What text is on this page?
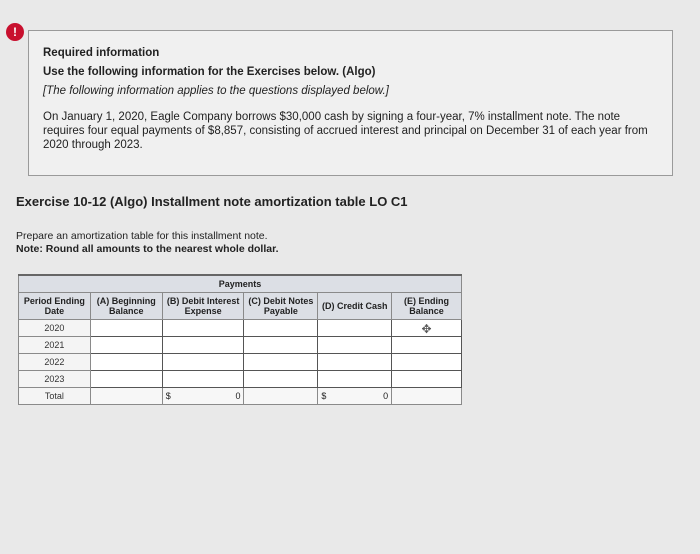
!
Required information
Use the following information for the Exercises below. (Algo)
[The following information applies to the questions displayed below.]
On January 1, 2020, Eagle Company borrows $30,000 cash by signing a four-year, 7% installment note. The note requires four equal payments of $8,857, consisting of accrued interest and principal on December 31 of each year from 2020 through 2023.
Exercise 10-12 (Algo) Installment note amortization table LO C1
Prepare an amortization table for this installment note.
Note: Round all amounts to the nearest whole dollar.
Payments					
Period Ending Date	(A) Beginning Balance	(B) Debit Interest Expense	(C) Debit Notes Payable	(D) Credit Cash	(E) Ending Balance
2020					✥

2021					
2022					
2023					
Total		$ 0		$ 0	
